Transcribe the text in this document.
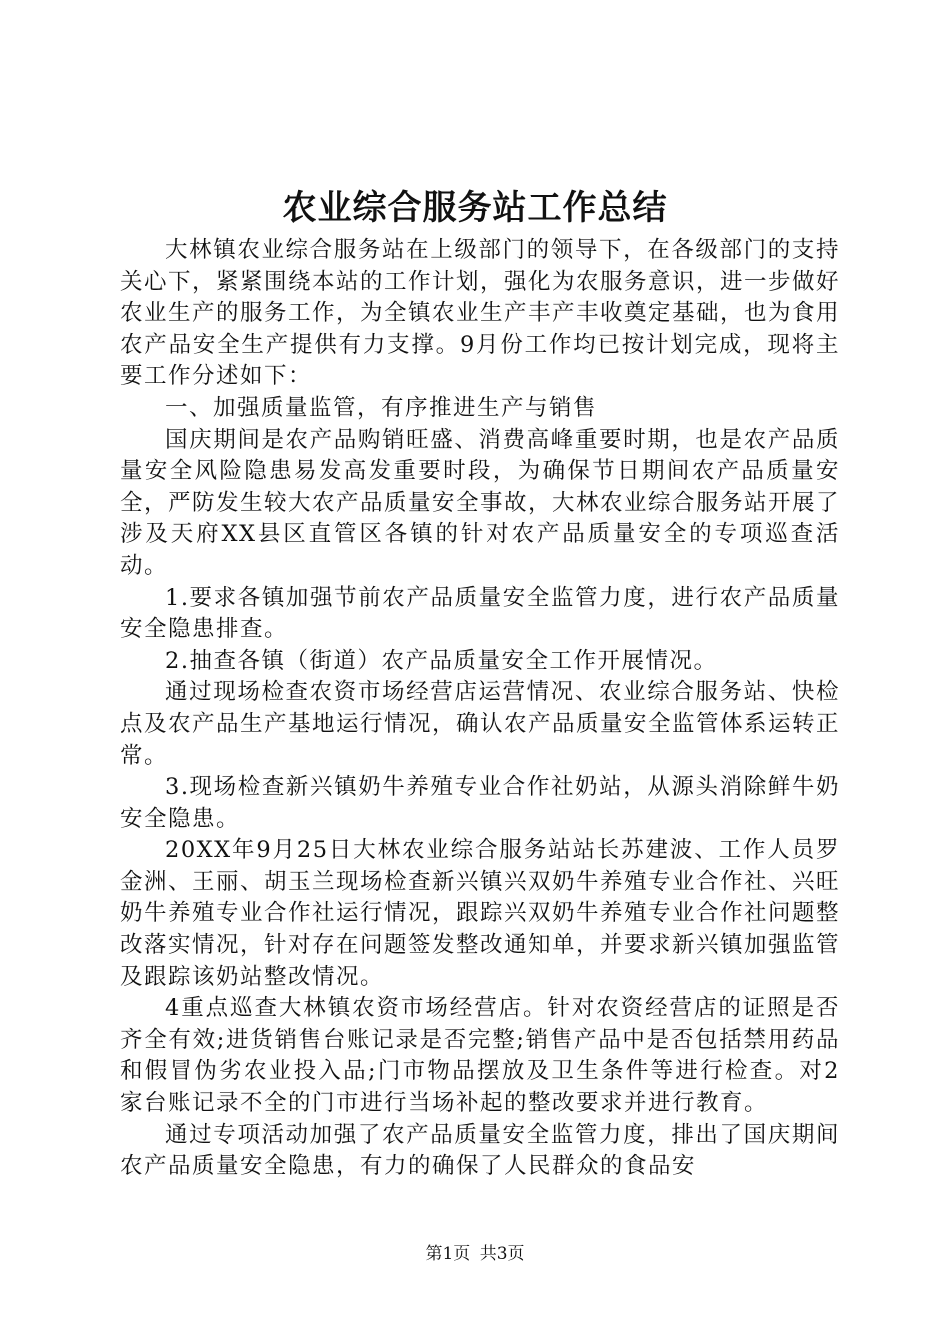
农业综合服务站工作总结

大林镇农业综合服务站在上级部门的领导下，在各级部门的支持关心下，紧紧围绕本站的工作计划，强化为农服务意识，进一步做好农业生产的服务工作，为全镇农业生产丰产丰收奠定基础，也为食用农产品安全生产提供有力支撑。9月份工作均已按计划完成，现将主要工作分述如下：

一、加强质量监管，有序推进生产与销售

国庆期间是农产品购销旺盛、消费高峰重要时期，也是农产品质量安全风险隐患易发高发重要时段，为确保节日期间农产品质量安全，严防发生较大农产品质量安全事故，大林农业综合服务站开展了涉及天府XX县区直管区各镇的针对农产品质量安全的专项巡查活动。

1.要求各镇加强节前农产品质量安全监管力度，进行农产品质量安全隐患排查。

2.抽查各镇（街道）农产品质量安全工作开展情况。

通过现场检查农资市场经营店运营情况、农业综合服务站、快检点及农产品生产基地运行情况，确认农产品质量安全监管体系运转正常。

3.现场检查新兴镇奶牛养殖专业合作社奶站，从源头消除鲜牛奶安全隐患。

20XX年9月25日大林农业综合服务站站长苏建波、工作人员罗金洲、王丽、胡玉兰现场检查新兴镇兴双奶牛养殖专业合作社、兴旺奶牛养殖专业合作社运行情况，跟踪兴双奶牛养殖专业合作社问题整改落实情况，针对存在问题签发整改通知单，并要求新兴镇加强监管及跟踪该奶站整改情况。

4重点巡查大林镇农资市场经营店。针对农资经营店的证照是否齐全有效;进货销售台账记录是否完整;销售产品中是否包括禁用药品和假冒伪劣农业投入品;门市物品摆放及卫生条件等进行检查。对2家台账记录不全的门市进行当场补起的整改要求并进行教育。

通过专项活动加强了农产品质量安全监管力度，排出了国庆期间农产品质量安全隐患，有力的确保了人民群众的食品安

第1页 共3页
